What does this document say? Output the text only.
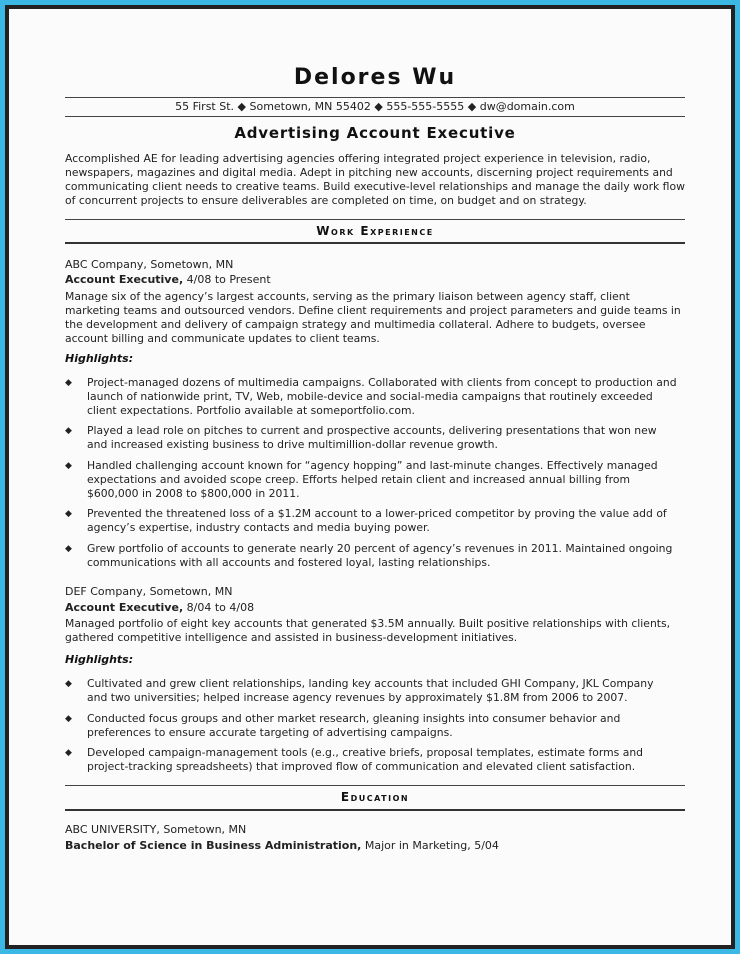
Delores Wu
55 First St. ◆ Sometown, MN 55402 ◆ 555-555-5555 ◆ dw@domain.com
Advertising Account Executive
Accomplished AE for leading advertising agencies offering integrated project experience in television, radio, newspapers, magazines and digital media. Adept in pitching new accounts, discerning project requirements and communicating client needs to creative teams. Build executive-level relationships and manage the daily work flow of concurrent projects to ensure deliverables are completed on time, on budget and on strategy.
Work Experience
ABC Company, Sometown, MN
Account Executive, 4/08 to Present
Manage six of the agency’s largest accounts, serving as the primary liaison between agency staff, client marketing teams and outsourced vendors. Define client requirements and project parameters and guide teams in the development and delivery of campaign strategy and multimedia collateral. Adhere to budgets, oversee account billing and communicate updates to client teams.
Highlights:
◆ Project-managed dozens of multimedia campaigns. Collaborated with clients from concept to production and launch of nationwide print, TV, Web, mobile-device and social-media campaigns that routinely exceeded client expectations. Portfolio available at someportfolio.com.
◆ Played a lead role on pitches to current and prospective accounts, delivering presentations that won new and increased existing business to drive multimillion-dollar revenue growth.
◆ Handled challenging account known for “agency hopping” and last-minute changes. Effectively managed expectations and avoided scope creep. Efforts helped retain client and increased annual billing from $600,000 in 2008 to $800,000 in 2011.
◆ Prevented the threatened loss of a $1.2M account to a lower-priced competitor by proving the value add of agency’s expertise, industry contacts and media buying power.
◆ Grew portfolio of accounts to generate nearly 20 percent of agency’s revenues in 2011. Maintained ongoing communications with all accounts and fostered loyal, lasting relationships.
DEF Company, Sometown, MN
Account Executive, 8/04 to 4/08
Managed portfolio of eight key accounts that generated $3.5M annually. Built positive relationships with clients, gathered competitive intelligence and assisted in business-development initiatives.
Highlights:
◆ Cultivated and grew client relationships, landing key accounts that included GHI Company, JKL Company and two universities; helped increase agency revenues by approximately $1.8M from 2006 to 2007.
◆ Conducted focus groups and other market research, gleaning insights into consumer behavior and preferences to ensure accurate targeting of advertising campaigns.
◆ Developed campaign-management tools (e.g., creative briefs, proposal templates, estimate forms and project-tracking spreadsheets) that improved flow of communication and elevated client satisfaction.
Education
ABC UNIVERSITY, Sometown, MN
Bachelor of Science in Business Administration, Major in Marketing, 5/04
